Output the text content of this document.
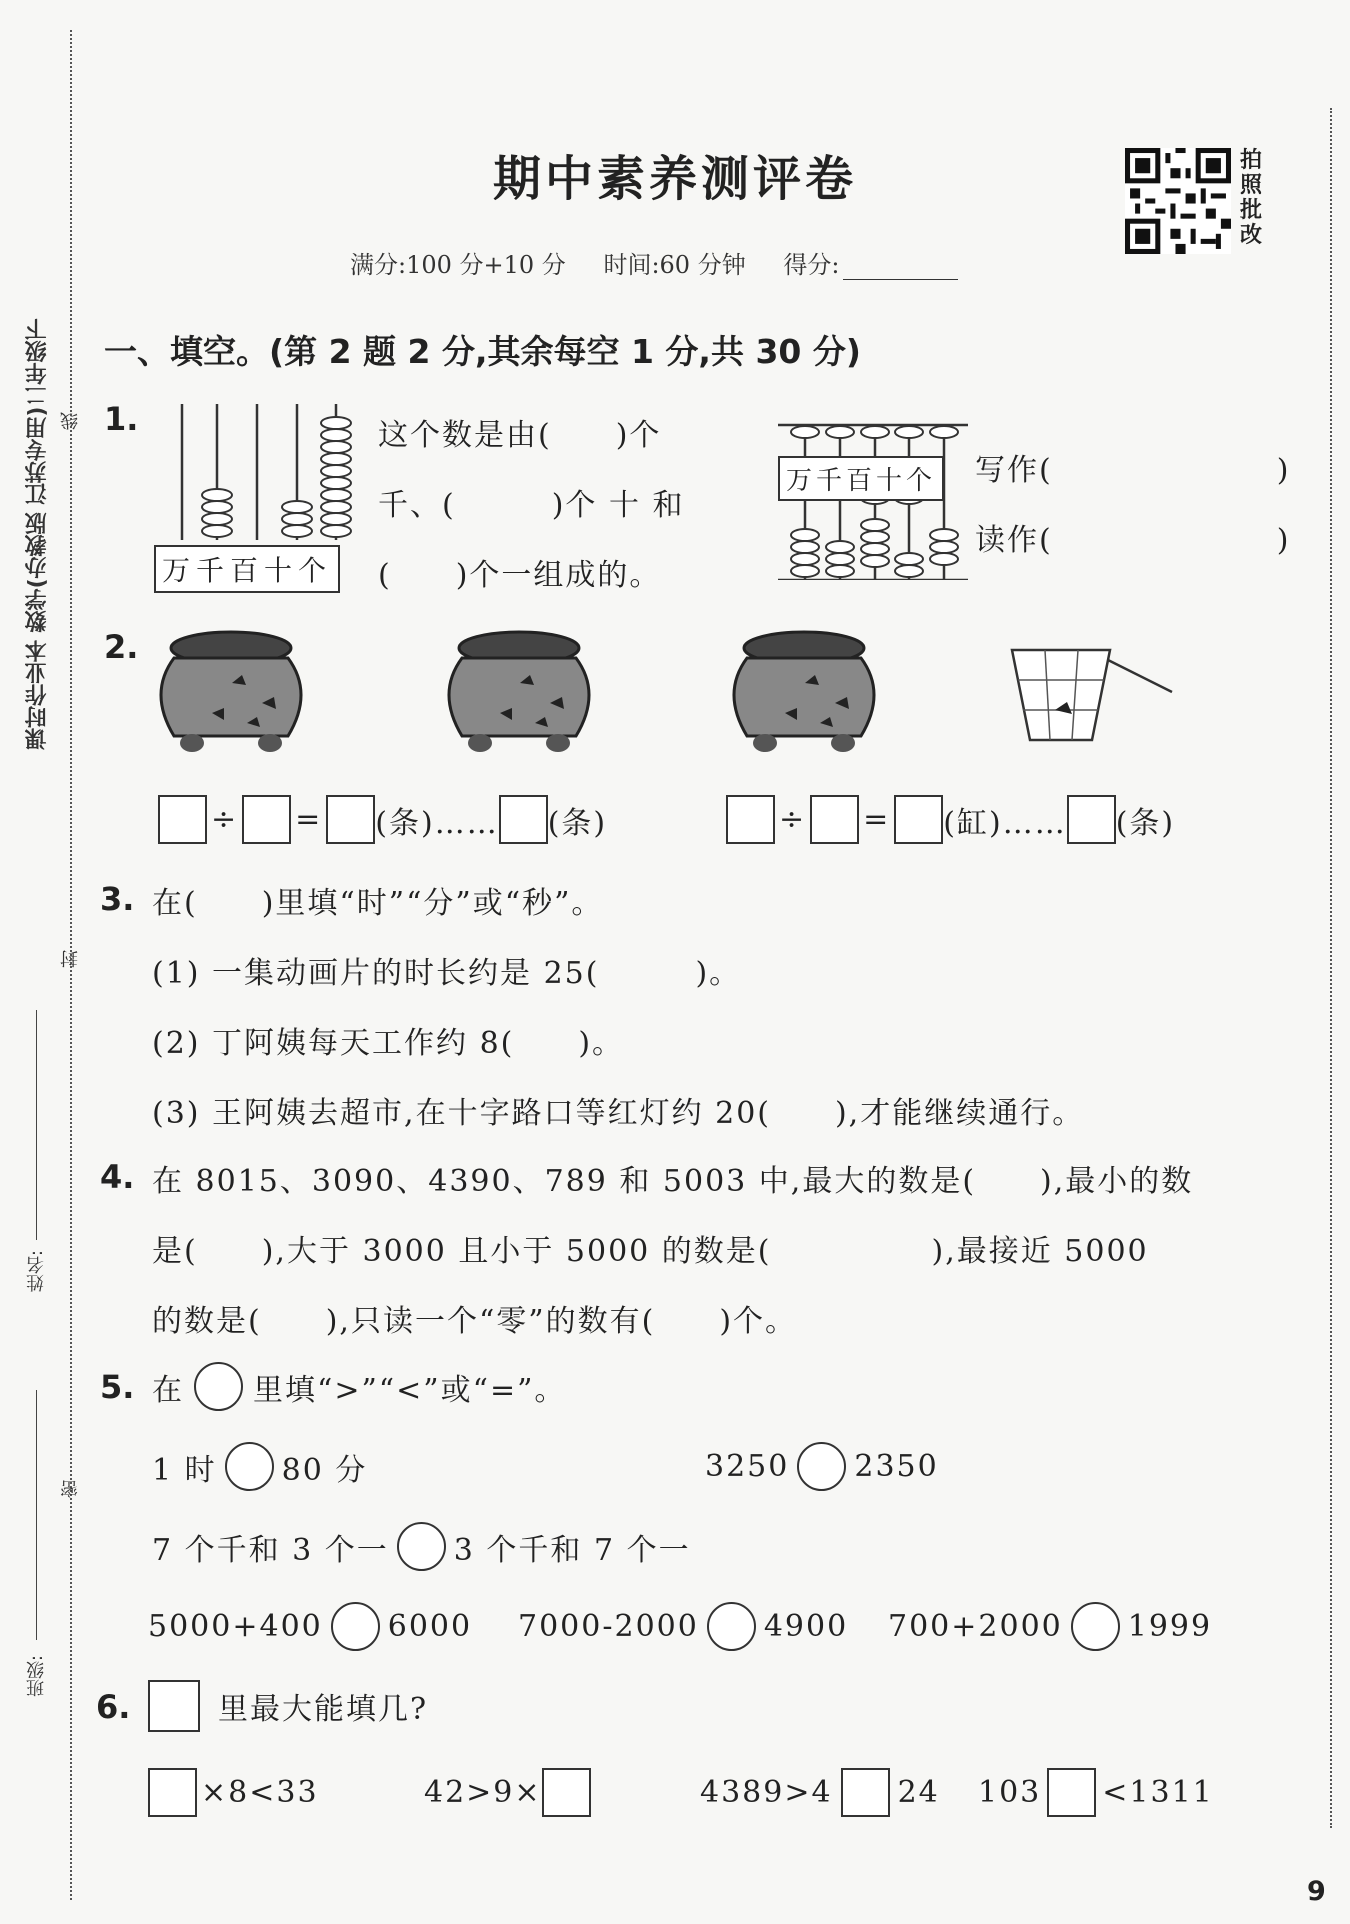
课时作业本 数学(办教版 江苏专用)二年级下 线
封
密
姓名:
班级:
期中素养测评卷	拍
照
批
改
满分:100 分+10 分 时间:60 分钟 得分:
一、填空。(第 2 题 2 分,其余每空 1 分,共 30 分)
1.
万千百十个
这个数是由(　　)个
千、(　　　)个 十 和
(　　)个一组成的。
万千百十个 写作(　　　　　　　)
读作(　　　　　　　)
2.
÷ = (条)…… (条)	÷ = (缸)…… (条)
3. 在(　　)里填“时”“分”或“秒”。
(1) 一集动画片的时长约是 25(　　　)。
(2) 丁阿姨每天工作约 8(　　)。
(3) 王阿姨去超市,在十字路口等红灯约 20(　　),才能继续通行。
4. 在 8015、3090、4390、789 和 5003 中,最大的数是(　　),最小的数
是(　　),大于 3000 且小于 5000 的数是(　　　　　),最接近 5000
的数是(　　),只读一个“零”的数有(　　)个。
5. 在 里填“>”“<”或“=”。
1 时 80 分	3250 2350
7 个千和 3 个一 3 个千和 7 个一
5000+400 6000 7000-2000 4900 700+2000 1999
6.	里最大能填几?
×8<33	42>9×	4389>4 24 103 <1311
9
